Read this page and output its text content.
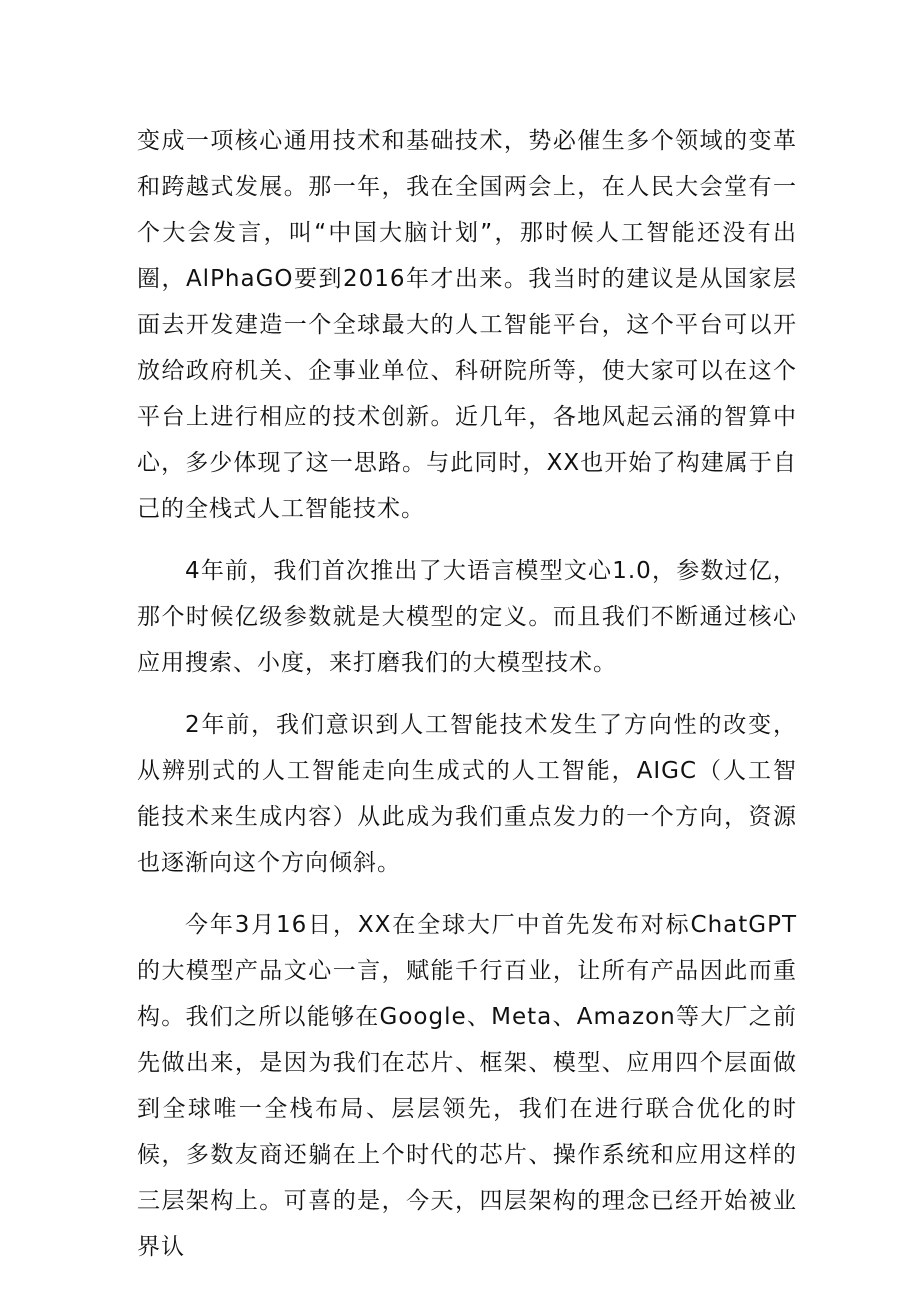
变成一项核心通用技术和基础技术，势必催生多个领域的变革和跨越式发展。那一年，我在全国两会上，在人民大会堂有一个大会发言，叫“中国大脑计划”，那时候人工智能还没有出圈，AlPhaGO要到2016年才出来。我当时的建议是从国家层面去开发建造一个全球最大的人工智能平台，这个平台可以开放给政府机关、企事业单位、科研院所等，使大家可以在这个平台上进行相应的技术创新。近几年，各地风起云涌的智算中心，多少体现了这一思路。与此同时，XX也开始了构建属于自己的全栈式人工智能技术。

4年前，我们首次推出了大语言模型文心1.0，参数过亿，那个时候亿级参数就是大模型的定义。而且我们不断通过核心应用搜索、小度，来打磨我们的大模型技术。

2年前，我们意识到人工智能技术发生了方向性的改变，从辨别式的人工智能走向生成式的人工智能，AIGC（人工智能技术来生成内容）从此成为我们重点发力的一个方向，资源也逐渐向这个方向倾斜。

今年3月16日，XX在全球大厂中首先发布对标ChatGPT的大模型产品文心一言，赋能千行百业，让所有产品因此而重构。我们之所以能够在Google、Meta、Amazon等大厂之前先做出来，是因为我们在芯片、框架、模型、应用四个层面做到全球唯一全栈布局、层层领先，我们在进行联合优化的时候，多数友商还躺在上个时代的芯片、操作系统和应用这样的三层架构上。可喜的是，今天，四层架构的理念已经开始被业界认
